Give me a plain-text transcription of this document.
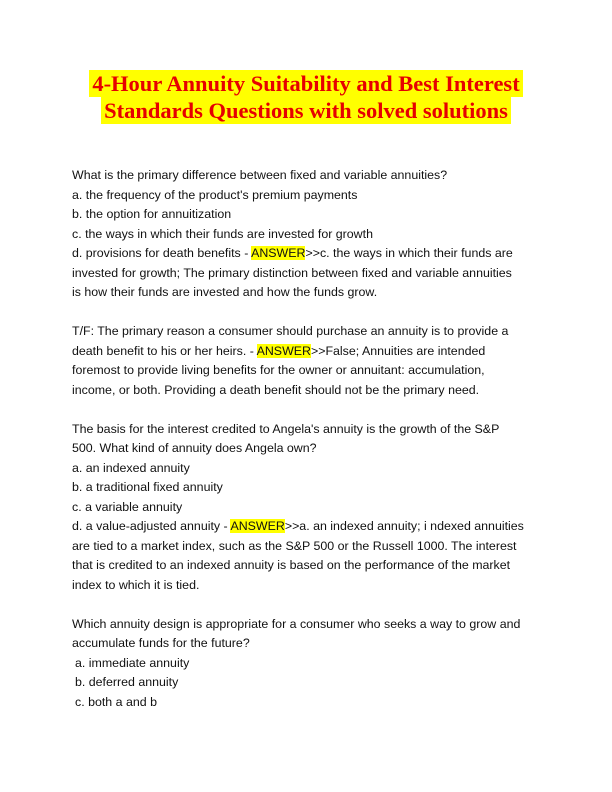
4-Hour Annuity Suitability and Best Interest
Standards Questions with solved solutions
What is the primary difference between fixed and variable annuities?
a. the frequency of the product's premium payments
b. the option for annuitization
c. the ways in which their funds are invested for growth
d. provisions for death benefits - ANSWER>>c. the ways in which their funds are
invested for growth; The primary distinction between fixed and variable annuities
is how their funds are invested and how the funds grow.
T/F: The primary reason a consumer should purchase an annuity is to provide a
death benefit to his or her heirs. - ANSWER>>False; Annuities are intended
foremost to provide living benefits for the owner or annuitant: accumulation,
income, or both. Providing a death benefit should not be the primary need.
The basis for the interest credited to Angela's annuity is the growth of the S&P
500. What kind of annuity does Angela own?
a. an indexed annuity
b. a traditional fixed annuity
c. a variable annuity
d. a value-adjusted annuity - ANSWER>>a. an indexed annuity; i ndexed annuities
are tied to a market index, such as the S&P 500 or the Russell 1000. The interest
that is credited to an indexed annuity is based on the performance of the market
index to which it is tied.
Which annuity design is appropriate for a consumer who seeks a way to grow and
accumulate funds for the future?
a. immediate annuity
b. deferred annuity
c. both a and b
